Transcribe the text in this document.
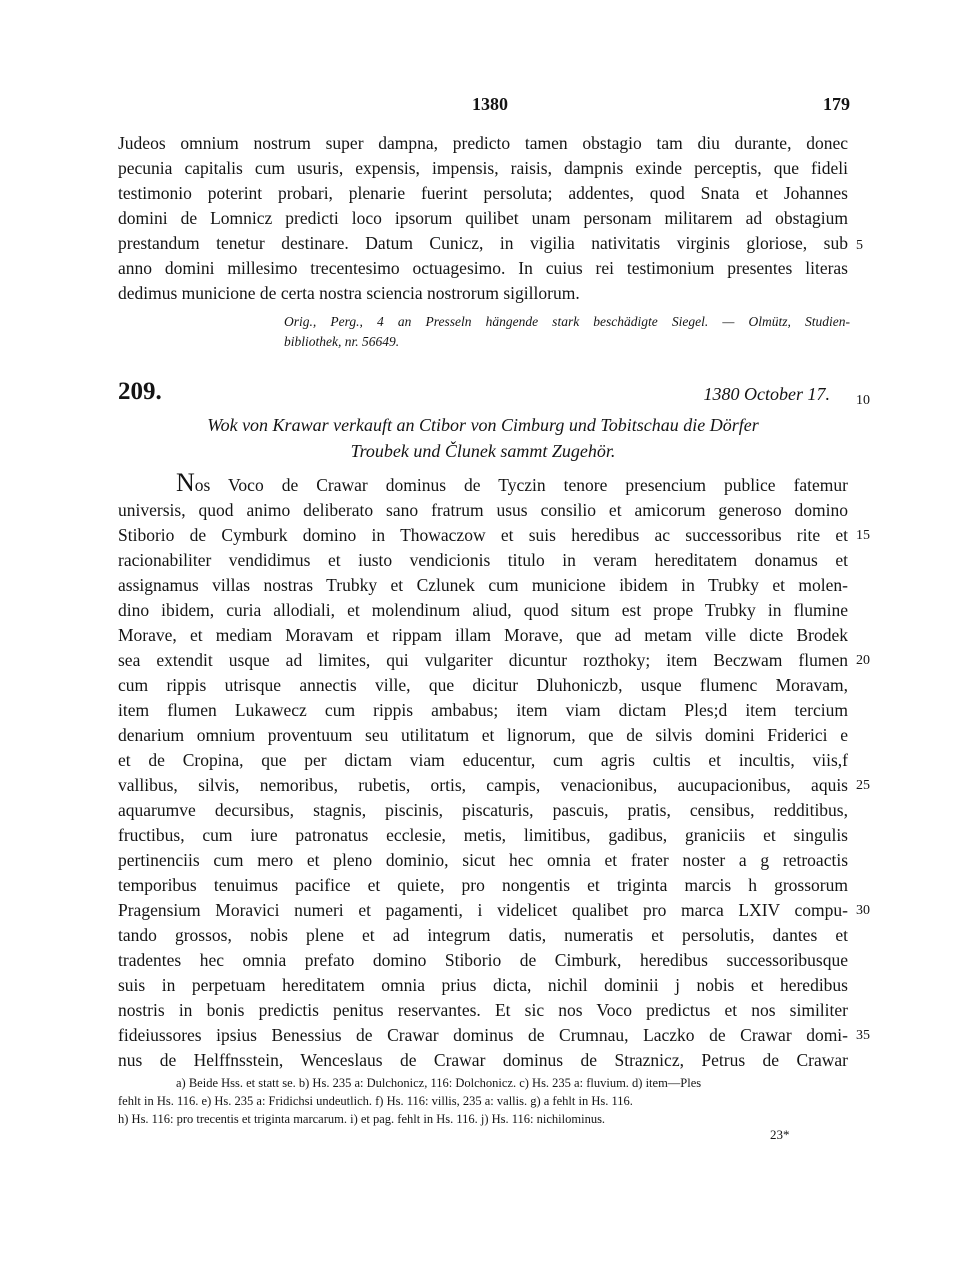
1380	179
Judeos omnium nostrum super dampna, predicto tamen obstagio tam diu durante, donec
pecunia capitalis cum usuris, expensis, impensis, raisis, dampnis exinde perceptis, que fideli
testimonio poterint probari, plenarie fuerint persoluta; addentes, quod Snata et Johannes
domini de Lomnicz predicti loco ipsorum quilibet unam personam militarem ad obstagium
prestandum tenetur destinare. Datum Cunicz, in vigilia nativitatis virginis gloriose, sub
anno domini millesimo trecentesimo octuagesimo. In cuius rei testimonium presentes literas
dedimus municione de certa nostra sciencia nostrorum sigillorum.
Orig., Perg., 4 an Presseln hängende stark beschädigte Siegel. — Olmütz, Studien-
bibliothek, nr. 56649.
209.	1380 October 17.
Wok von Krawar verkauft an Ctibor von Cimburg und Tobitschau die Dörfer
Troubek und Člunek sammt Zugehör.
Nos Voco de Crawar dominus de Tyczin tenore presencium publice fatemur
universis, quod animo deliberato sano fratrum usus consilio et amicorum generoso domino
Stiborio de Cymburk domino in Thowaczow et suis heredibus ac successoribus rite et
racionabiliter vendidimus et iusto vendicionis titulo in veram hereditatem donamus et
assignamus villas nostras Trubky et Czlunek cum municione ibidem in Trubky et molen-
dino ibidem, curia allodiali, et molendinum aliud, quod situm est prope Trubky in flumine
Morave, et mediam Moravam et rippam illam Morave, que ad metam ville dicte Brodek
sea extendit usque ad limites, qui vulgariter dicuntur rozthoky; item Beczwam flumen
cum rippis utrisque annectis ville, que dicitur Dluhoniczb, usque flumenc Moravam,
item flumen Lukawecz cum rippis ambabus; item viam dictam Ples;d item tercium
denarium omnium proventuum seu utilitatum et lignorum, que de silvis domini Friderici e
et de Cropina, que per dictam viam educentur, cum agris cultis et incultis, viis,f
vallibus, silvis, nemoribus, rubetis, ortis, campis, venacionibus, aucupacionibus, aquis
aquarumve decursibus, stagnis, piscinis, piscaturis, pascuis, pratis, censibus, redditibus,
fructibus, cum iure patronatus ecclesie, metis, limitibus, gadibus, graniciis et singulis
pertinenciis cum mero et pleno dominio, sicut hec omnia et frater noster a g retroactis
temporibus tenuimus pacifice et quiete, pro nongentis et triginta marcis h grossorum
Pragensium Moravici numeri et pagamenti, i videlicet qualibet pro marca LXIV compu-
tando grossos, nobis plene et ad integrum datis, numeratis et persolutis, dantes et
tradentes hec omnia prefato domino Stiborio de Cimburk, heredibus successoribusque
suis in perpetuam hereditatem omnia prius dicta, nichil dominii j nobis et heredibus
nostris in bonis predictis penitus reservantes. Et sic nos Voco predictus et nos similiter
fideiussores ipsius Benessius de Crawar dominus de Crumnau, Laczko de Crawar domi-
nus de Helffnsstein, Wenceslaus de Crawar dominus de Straznicz, Petrus de Crawar
5
10
15
20
25
30
35
a) Beide Hss. et statt se. b) Hs. 235 a: Dulchonicz, 116: Dolchonicz. c) Hs. 235 a: fluvium. d) item—Ples
fehlt in Hs. 116. e) Hs. 235 a: Fridichsi undeutlich. f) Hs. 116: villis, 235 a: vallis. g) a fehlt in Hs. 116.
h) Hs. 116: pro trecentis et triginta marcarum. i) et pag. fehlt in Hs. 116. j) Hs. 116: nichilominus.
23*
